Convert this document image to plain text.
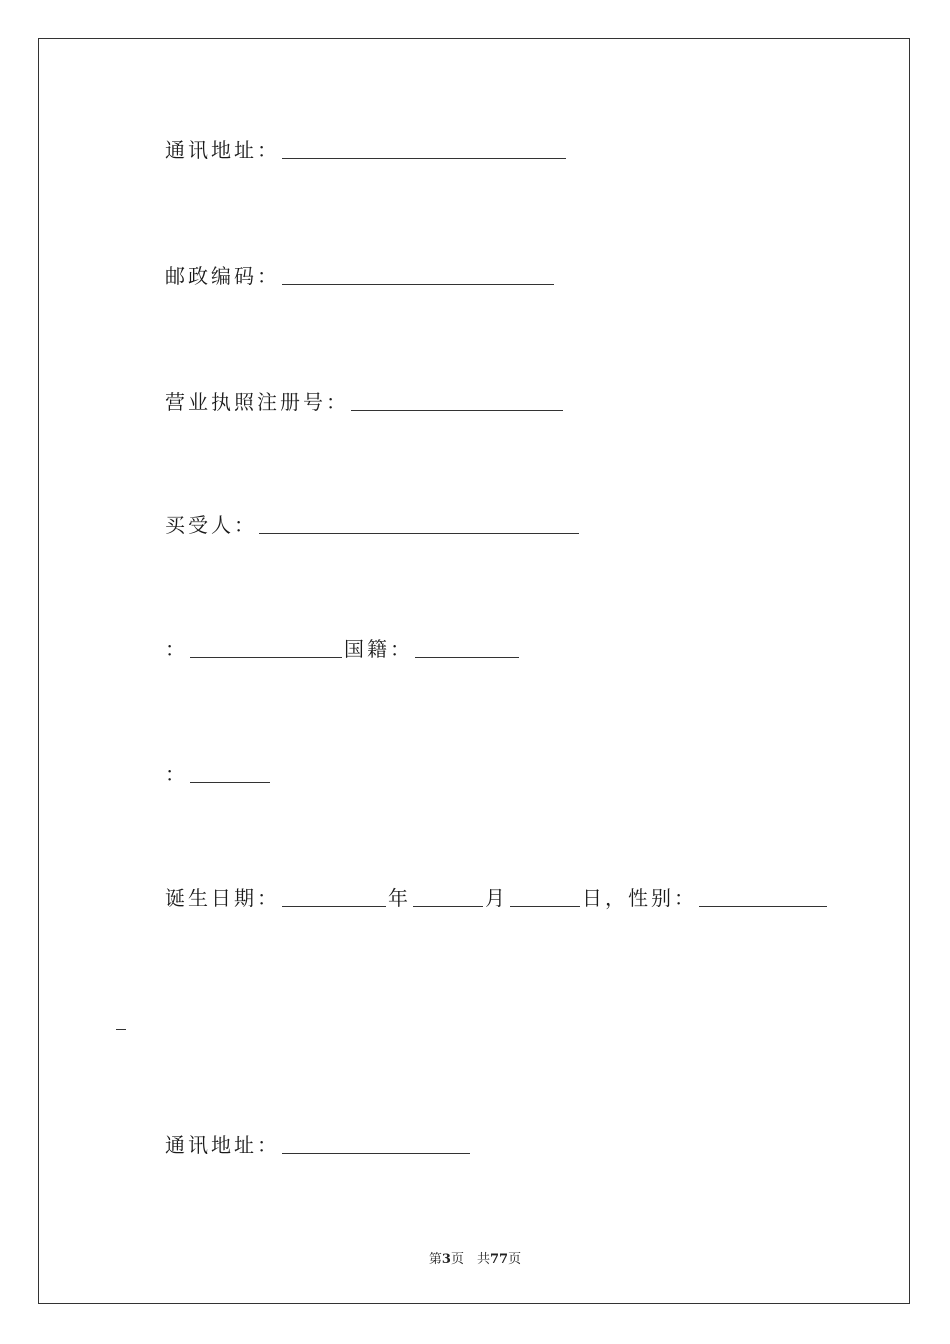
通讯地址：
邮政编码：
营业执照注册号：
买受人：
：	国籍：
：
诞生日期：	年	月	日， 性别：
通讯地址：
第3页　共77页
